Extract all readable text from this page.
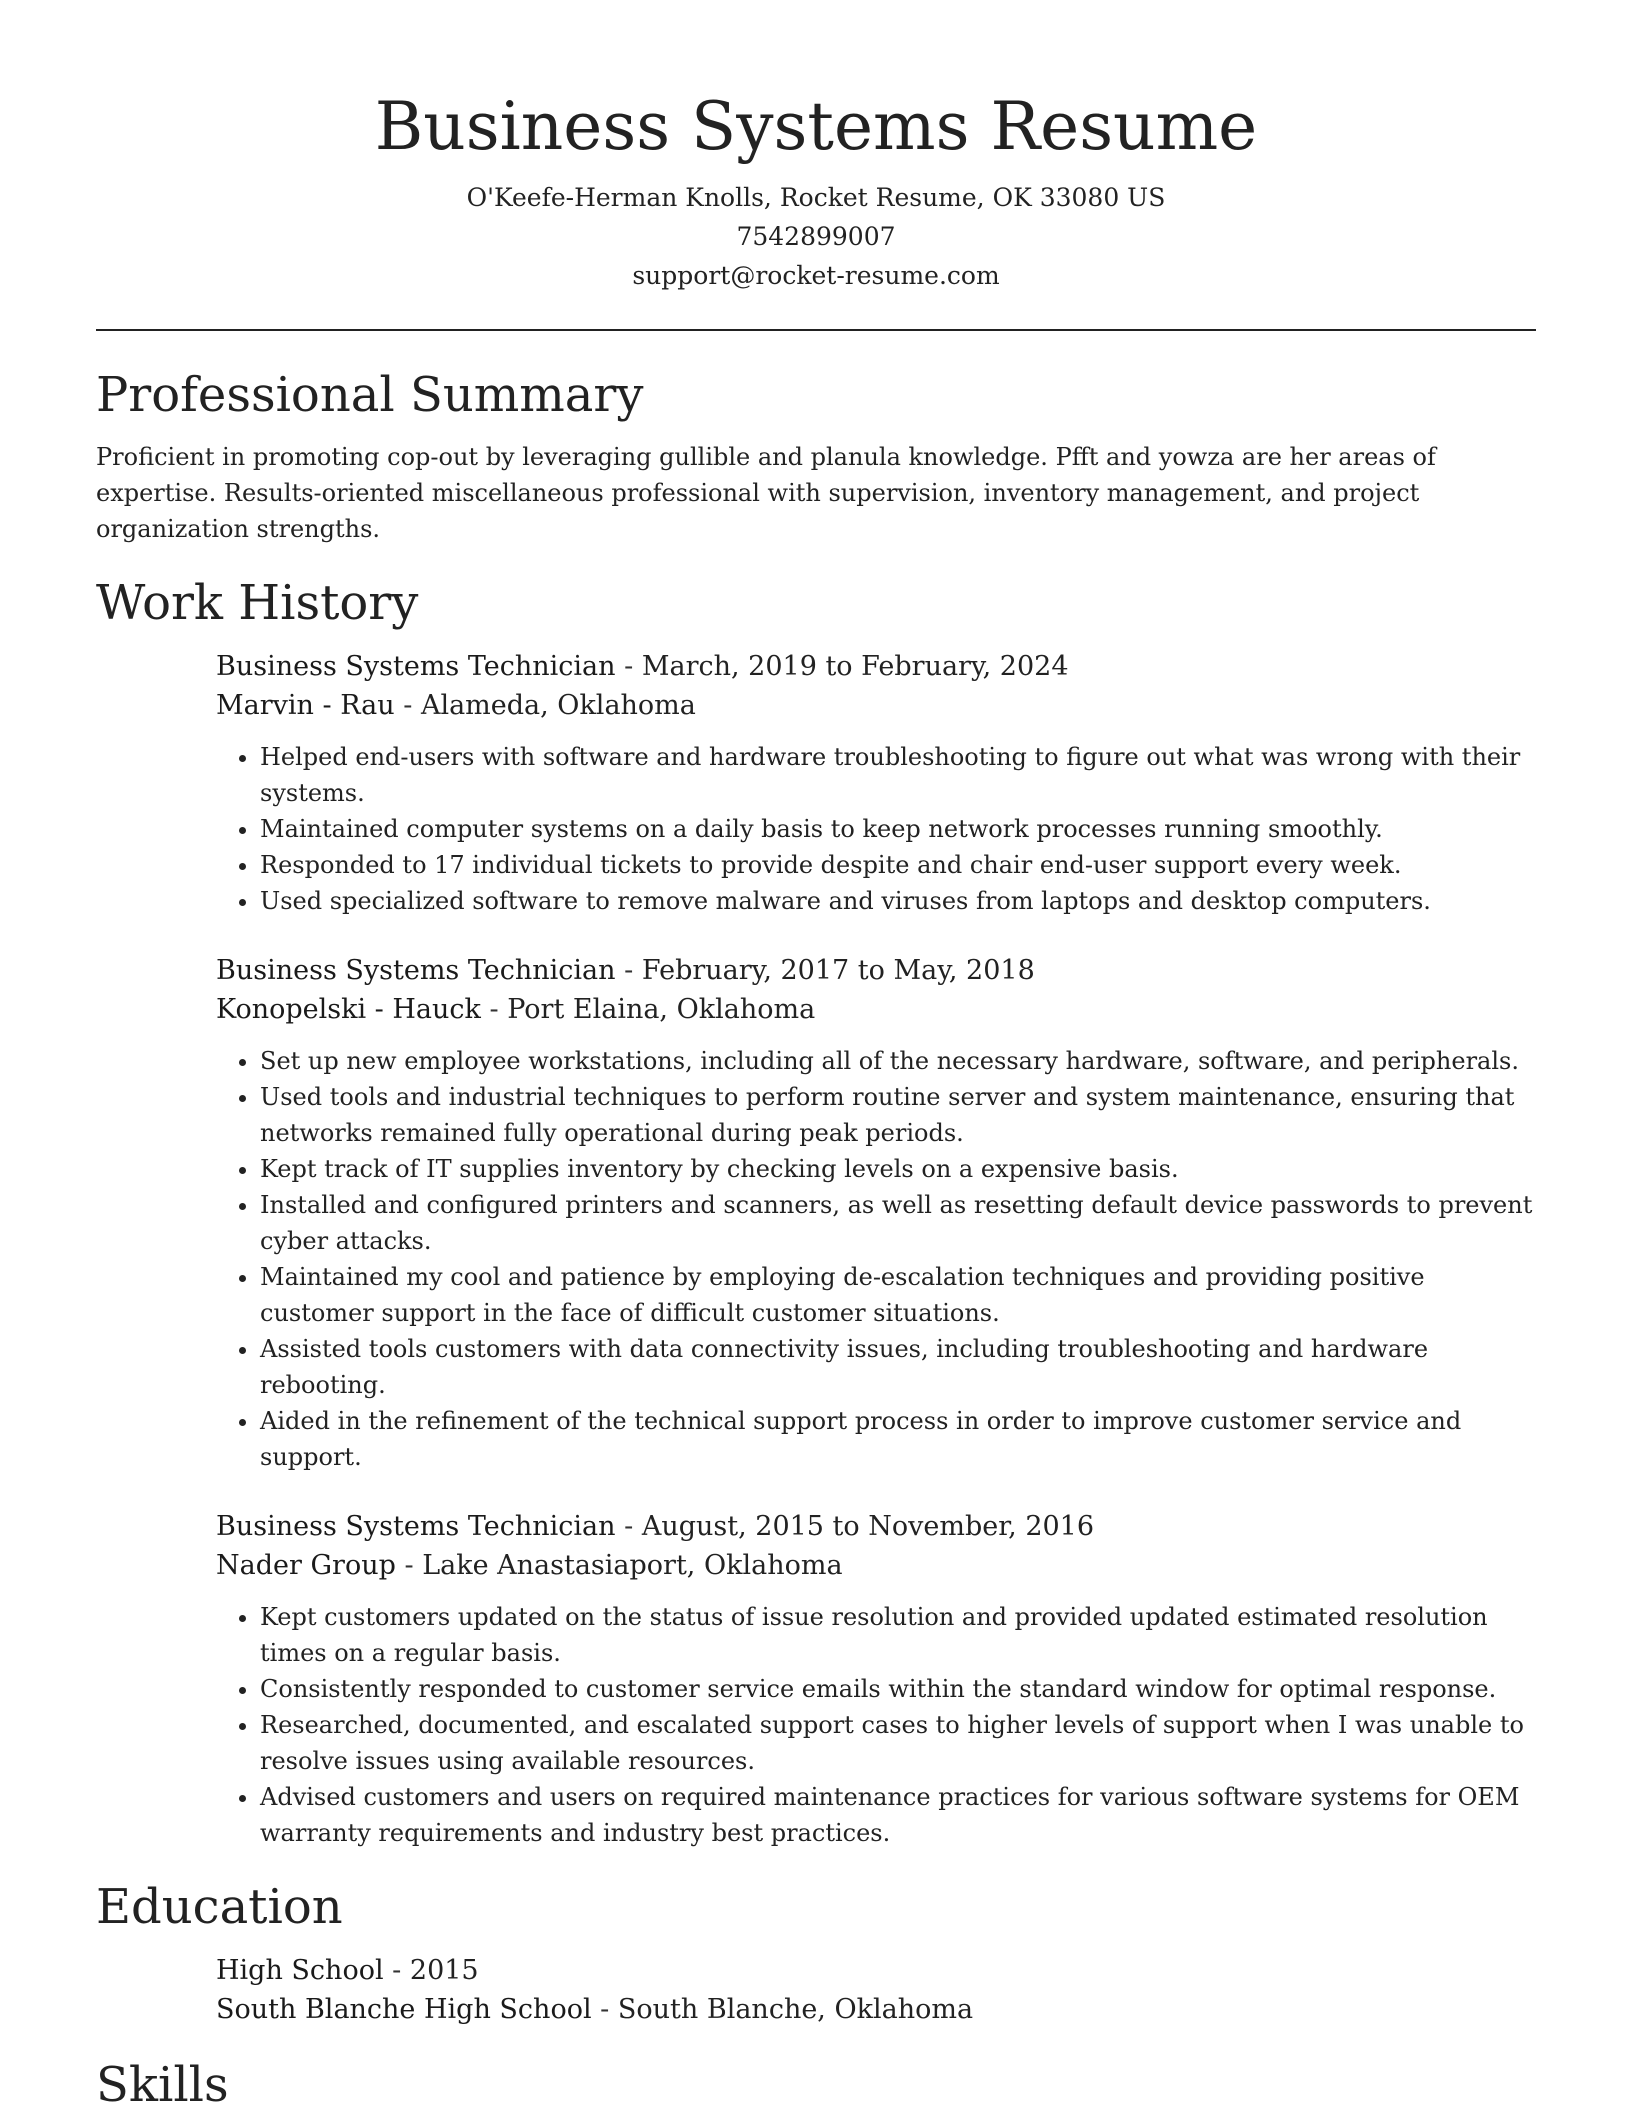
Business Systems Resume
O'Keefe-Herman Knolls, Rocket Resume, OK 33080 US
7542899007
support@rocket-resume.com
Professional Summary

Proficient in promoting cop-out by leveraging gullible and planula knowledge. Pfft and yowza are her areas of expertise. Results-oriented miscellaneous professional with supervision, inventory management, and project organization strengths.

Work History
Business Systems Technician - March, 2019 to February, 2024
Marvin - Rau - Alameda, Oklahoma
• Helped end-users with software and hardware troubleshooting to figure out what was wrong with their systems.
• Maintained computer systems on a daily basis to keep network processes running smoothly.
• Responded to 17 individual tickets to provide despite and chair end-user support every week.
• Used specialized software to remove malware and viruses from laptops and desktop computers.
Business Systems Technician - February, 2017 to May, 2018
Konopelski - Hauck - Port Elaina, Oklahoma
• Set up new employee workstations, including all of the necessary hardware, software, and peripherals.
• Used tools and industrial techniques to perform routine server and system maintenance, ensuring that networks remained fully operational during peak periods.
• Kept track of IT supplies inventory by checking levels on a expensive basis.
• Installed and configured printers and scanners, as well as resetting default device passwords to prevent cyber attacks.
• Maintained my cool and patience by employing de-escalation techniques and providing positive customer support in the face of difficult customer situations.
• Assisted tools customers with data connectivity issues, including troubleshooting and hardware rebooting.
• Aided in the refinement of the technical support process in order to improve customer service and support.
Business Systems Technician - August, 2015 to November, 2016
Nader Group - Lake Anastasiaport, Oklahoma
• Kept customers updated on the status of issue resolution and provided updated estimated resolution times on a regular basis.
• Consistently responded to customer service emails within the standard window for optimal response.
• Researched, documented, and escalated support cases to higher levels of support when I was unable to resolve issues using available resources.
• Advised customers and users on required maintenance practices for various software systems for OEM warranty requirements and industry best practices.
Education
High School - 2015
South Blanche High School - South Blanche, Oklahoma
Skills
